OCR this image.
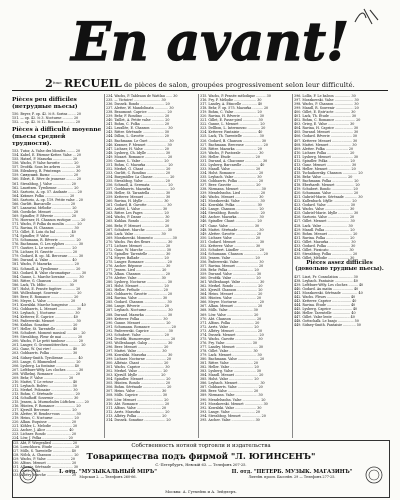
En avant!
2ème RECUEIL de pièces de salon, groupées progressivement selon leur difficulté.
Pièces peu difficiles (нетрудные пьесы)
150. Beyer, F. op. 42. № 8. Sorins ....... 20
151. — op. 42. № 3. Nocturne .......... 20
152. — op. 42. № 12. Romance .......... 20
Pièces à difficulté moyenne (пьесы средней трудности).
153. Tutor, A. Valse des blondes ........ 20
154. Kabel, E. Etienne-Ketter. Valse ... 20
155. Hatzel, F. Mazurka .................. 20
156. Wachs, P. Valse favorite ............ 20
157. Dvořák. Sous les arbres ............. 20
158. Eilenberg, R. Printemps ............. 30
159. Сиядский. Вальс ..................... 20
160. Eilert, E. Rêve de jeunesse ......... 20
161. Streabbog, J. Valse ................. 20
162. Lauritzen. Tyrolienne ............... 20
163. Sartorio, A. op. 57. Andante ........ 20
164. Krämer. Polka ....................... 20
165. Sartorio, A. op. 119. Petite valse .. 20
166. Gurlitt. Barcarolle ................. 20
167. Lazzarini. Mélodie .................. 20
168. Goedicke. Menuet .................... 20
169. Spindler, F. Rêverie ................ 20
170. Hoerner, H. Chanson rustique ........ 20
171. Wachs, P. Polka du moulin ........... 20
172. Ravina, H. Chanson .................. 30
173. Gillet, E. Loin du bal .............. 40
174. Spindler, F. Valse .................. 20
175. Schumann, R. Rêverie ................ 20
176. Bachmann, G. Les sylphes ............ 30
177. Gautier, L. Le secret ............... 20
178. Lichner, H. Gavotte ................. 20
179. Godard, B. op. 54. Berceuse ......... 30
180. Durand, A. Valse ..................... 40
181. Wachs, P. Mazurka .................... 20
182. Schmoll, A. Tyrolienne ............... 20
183. Godard, B. Valse chromatique ......... 30
184. Ganne, L. Marche lorraine ............ 30
185. Ritter, G. Chanson ................... 20
186. Lack, Th. Idilio ..................... 30
187. Holst, E. Pensée fugitive ............ 20
188. Wollenhaupt. Souvenir ................ 20
189. Beer, E. Romance ..................... 20
190. Meyer, L. Valse ...................... 20
191. Kowalski. Marche hongroise ........... 40
192. Gobbaerts, L. Menuet ................. 30
193. Leybach, J. Nocturne ................. 30
194. Ketterer, E. Caprice ................. 40
195. Paderewski. Menuet ................... 30
196. Kuhlau. Sonatine ..................... 20
197. Heller, St. Tarentelle ............... 40
198. Schubert. Moment musical ............. 20
199. Streabbog. Fleur de mai .............. 20
200. Wachs, P. Le petit tambour ........... 20
201. Langer, G. Grossmütterchen ........... 20
202. Ganz, W. Qui vive! ................... 40
203. Gobbaerts. Polka ..................... 30
204. Sidney-Smith. Tyrolienne ............. 40
205. Lange, G. Blumenlied ................. 20
206. Lysberg. La fontaine ................. 40
207. Lefébure-Wély. Les cloches ........... 30
208. Wilhelmj. Romance .................... 20
209. Behr, F. Valse ....................... 20
210. Mattei, T. Le retour ................. 40
211. Leybach. Boléro ...................... 30
212. Merkel. Polonaise .................... 30
213. Bohm, C. Sérénade .................... 20
214. Schulhoff. Souvenir .................. 30
215. Jensen, A. Murmelndes Lüftchen ....... 20
216. Hünten, F. Romance ................... 20
217. Kjerulf. Berceuse .................... 20
218. Aletter, W. Rendez-vous .............. 30
219. Heins, C. Nocturne ................... 20
220. Alkan. Esquisse ...................... 20
221. Köhler, L. Melodie ................... 20
222. Ascher, J. Alice ..................... 40
223. Lichner. Rondo ....................... 20
224. Löw, J. Polka ........................ 20
225. Abt, F. Wiegenlied ................... 20
226. Loeschhorn. Étude .................... 20
227. Mills, S. Tarentelle ................. 40
228. Nölck, A. Chanson .................... 20
229. Wachs, P. Valse ...................... 20
230. Alfons. Menuet ....................... 20
231. Albeniz. Sérénade .................... 30
232. Aerts. Polka ......................... 20
233. Albéry. Marche ....................... 20
234. Wachs, P. Tableaux de Wattlau ...... 30
235. — Victoire! ......................... 30
236. Dussek. Rondo ....................... 20
237. Aletter, W. Mandolinata ............. 30
238. Beaumont. Caprice .................. 20
239. Behr, F. Rondino .................... 20
240. Taillet, A. Petite valse ............ 20
241. Bohm, C. Polka ...................... 20
242. Lavallée, E. Chanson ................ 30
243. Ritter. Sérénade .................... 30
244. Dillon, L. Gavotte .................. 20
245. Bachmann. Le Guet ................... 30
246. Kramer, F. Menuet ................... 30
247. Lichner, H. Valse ................... 20
248. Lysberg, Ch. Idylle ................. 30
249. Mozart. Romance ..................... 20
250. Ganne, L. Valse ..................... 20
251. Bohm, C. Mazurka .................... 20
252. Merkel, G. Chant .................... 20
253. Gurlitt, C. Rondino ................. 20
254. Burgmüller. La Chasse ............... 20
255. Streabbog. Valse .................... 20
256. Schmoll, A. Serenata ................ 20
257. Goebbaerts. Mazurka ................. 20
258. Heller, St. Tarantella .............. 30
259. Ketterer. Menuet .................... 30
260. Ravina, H. Idylle ................... 30
261. Godard, B. Gavotte .................. 30
262. Ardité, L. Valse .................... 30
263. Ritter. Les Pages ................... 20
264. Wachs, P. Danse ..................... 30
265. Kuhlau. Rondo ....................... 20
266. Behr, F. Menuet ..................... 20
267. Schubert. Marche .................... 30
268. Lack. Valse ......................... 30
269. Moszkowski. Momento ................. 30
270. Wachs. Pas des fleurs ............... 30
271. Lichner. Menuet ..................... 20
272. Ganz, W. Marche ..................... 30
273. Spindler. Tarentelle ................ 30
274. Meyer. Ballade ...................... 20
275. Langer. Romance ..................... 20
276. Ascher. Réponse ..................... 30
277. Jensen. Lied ........................ 20
278. Alkan. Chanson ...................... 20
279. Aletter. Valse ...................... 30
280. Lysberg. Nocturne ................... 30
281. Holst. Menuet ....................... 20
282. Heller. Prélude ..................... 20
283. Gobbaerts. Gavotte .................. 20
284. Ravina. Valse ....................... 30
285. Godard. Chanson ..................... 30
286. Lange. Rêverie ...................... 20
287. Leybach. Nocturne ................... 30
288. Durand. Mazurka ..................... 30
289. Ketterer. Polka ..................... 30
290. Ganne. Menuet ....................... 20
291. Schumann. Romance ................... 20
292. Paderewski. Caprice ................. 30
293. Schubert. Valse ..................... 20
294. Dvořák. Humoresque .................. 20
295. Wollenhaupt. Galop .................. 30
296. Beer. Menuet ........................ 20
297. Mattei. Valse ....................... 30
298. Kowalski. Mazurka ................... 30
299. Lichner. Nocturne ................... 20
300. Albéniz. Chant ...................... 20
301. Wachs. Caprice ...................... 30
302. Merkel. Valse ....................... 20
303. Kjerulf. Idylle ..................... 20
304. Spindler. Menuet .................... 20
305. Hünten. Rondo ....................... 20
306. Bohm. Sérénade ...................... 20
307. Heins. Valse ........................ 30
308. Mills. Caprice ...................... 30
309. Löw. Menuet ......................... 20
310. Abt. Romance ........................ 20
311. Alfons. Valse ....................... 20
312. Aerts. Mazurka ...................... 20
313. Albéry. Polka ....................... 20
314. Dussek. Sonatine .................... 20
315. Wachs, P. Pensée mélodique ......... 30
316. Fry, F. Mélodie ..................... 30
317. Landry, A. Étincelle .............. 40
318. Behr, F. op. 575. Mazurka .......... 20
319. Bohm, C. Valse ..................... 20
320. Ravina, H. Rêverie ................. 30
321. Gillet, E. Passe-pied .............. 30
322. Ganne, L. Menuet ................... 20
323. Dellbon, L. Intermezzo ............ 20
324. Ketterer. Fantaisie ................ 40
325. Lack, Th. Tarentelle ............... 30
326. Godard, B. Chanson ................. 30
327. Bachmann. Berceuse ................. 20
328. Ritter. Mazurka .................... 20
329. Wachs, P. Pastorale ................ 30
330. Heller. Étude ...................... 20
331. Durand, A. Chaconne ................ 30
332. Lysberg. Barcarolle ................ 40
333. Mandl. Valse ....................... 20
334. Holst. Romance ..................... 20
335. Leybach. Valse ..................... 30
336. Gobbaerts. Polka ................... 20
337. Beer. Gavotte ...................... 20
338. Niemann. Menuet .................... 30
339. Mendelssohn. Lied .................. 20
340. Wachs. Menuet ...................... 30
341. Moszkowski. Valse .................. 30
342. Kowalski. Polka .................... 30
343. Lange. Chanson ..................... 20
344. Streabbog. Rondo ................... 20
345. Ascher. Mazurka .................... 30
346. Spindler. Chant .................... 20
347. Ganz. Valse ........................ 30
348. Mattei. Sérénade ................... 30
349. Aletter. Gavotte ................... 20
350. Lichner. Valse ..................... 20
351. Godard. Menuet ..................... 30
352. Ketterer. Valse .................... 30
353. Schubert. Ländler .................. 20
354. Schumann. Chanson .................. 20
355. Jensen. Valse ...................... 20
356. Paderewski. Valse .................. 30
357. Ravina. Menuet ..................... 20
358. Behr. Polka ........................ 20
359. Durand. Valse ...................... 30
360. Dvořák. Valse ...................... 20
361. Wollenhaupt. Valse ................. 30
362. Merkel. Rondo ...................... 20
363. Kjerulf. Chanson ................... 20
364. Heins. Menuet ...................... 20
365. Hünten. Valse ...................... 20
366. Meyer. Nocturne .................... 20
367. Alkan. Menuet ...................... 20
368. Mills. Valse ....................... 30
369. Löw. Valse ......................... 20
370. Abt. Chanson ....................... 20
371. Alfons. Polka ...................... 20
372. Aerts. Valse ....................... 20
373. Albéry. Menuet ..................... 20
374. Dussek. Menuet ..................... 20
375. Wachs. Gavotte ..................... 30
376. Fry. Valse ......................... 30
377. Landry. Menuet ..................... 30
378. Gillet. Valse ...................... 30
379. Lack. Menuet ....................... 30
380. Bachmann. Valse .................... 20
381. Ritter. Valse ...................... 20
382. Heller. Valse ...................... 20
383. Lysberg. Valse ..................... 30
384. Mandl. Menuet ...................... 20
385. Holst. Valse ....................... 20
386. Leybach. Menuet .................... 30
387. Gobbaerts. Valse ................... 20
388. Beer. Valse ........................ 20
389. Niemann. Valse ..................... 30
390. Mendelssohn. Valse ................. 20
391. Moszkowski. Menuet ................. 30
392. Kowalski. Valse .................... 30
393. Lange. Valse ....................... 20
394. Streabbog. Menuet .................. 20
395. Ascher. Valse ...................... 30
396. Lollis, F. Le balcon ............... 30
397. Moszkowski. Valse .................. 30
398. Wachs, P. Chanson .................. 30
399. Mandl, R. Souvenir ................. 20
400. Gillet, E. Entr'acte ............... 30
401. Lack, Th. Étude .................... 30
402. Bohm, C. Romance ................... 20
403. Grieg, E. Valse .................... 30
404. Ravina, H. Caprice ................. 30
405. Durand. Menuet ..................... 30
406. Godard. Rêverie .................... 30
407. Ketterer. Menuet ................... 30
408. Mattei. Menuet ..................... 30
409. Aletter. Polka ..................... 20
410. Lichner. Polka ..................... 20
411. Lysberg. Menuet .................... 30
412. Spindler. Polka .................... 20
413. Ganz. Menuet ....................... 30
414. Heller. Menuet ..................... 20
415. Tschaikowsky. Chanson .............. 20
416. Behr. Valse ........................ 20
417. Bachmann. Polka .................... 20
418. Eberhardt. Menuet .................. 20
419. Schubert. Rondo .................... 20
420. Schumann. Valse .................... 20
421. Gabriel-Marie. Sérénade ............ 30
422. Kallenbach. Idylle ................. 20
423. Godard. Valse ...................... 30
424. Wachs. Valse ....................... 30
425. Gabriel-Marie. Idylle .............. 30
426. Sartorio. Valse .................... 20
427. Gillet. Menuet ..................... 30
428. Lack. Valse ........................ 30
429. Mandl. Polka ....................... 20
430. Bohm. Menuet ....................... 20
431. Ravina. Polka ...................... 20
432. Gillet. Mazurka .................... 30
433. Godard. Polka ...................... 30
434. Gillet. Pizzicato .................. 30
435. Streabbog. Polka ................... 20
436. Gillet. Mélodie .................... 30
Pièces assez difficiles (довольно трудные пьесы).
437. Liszt, Fr. Consolation ............. 30
438. Leybach. Fantaisie ................. 40
439. Lefébure-Wély. Les cloches ......... 40
440. Godard. Au matin ................... 40
441. Moszkowski. Sérénade ............... 40
442. Wachs. Fleurs ...................... 40
443. Ketterer. Caprice .................. 40
444. Ravina. Étude ...................... 40
445. Lysberg. Caprice ................... 40
446. Heller. Tarentelle ................. 40
447. Gillet. Valse lente ................ 40
448. Gottschalk. Le banjo ............... 50
449. Sidney-Smith. Fantaisie ............ 50
Собственность нотной торговли и издательства
Товарищества подъ фирмой "Л. ЮГИНСЕНЪ"
С.-Петербургъ, Невскій 63. — Телефонъ 207-25.
I. отд. "МУЗЫКАЛЬНЫЙ МІРЪ"
Морская 2. — Телефонъ 260-66.
II. отд. "ПЕТЕРБ. МУЗЫК. МАГАЗИНЪ"
Литейн. просп. Бассейн. 29 — Телефонъ 277-25.
Москва: А. Гутхейль и А. Зейдлеръ.
